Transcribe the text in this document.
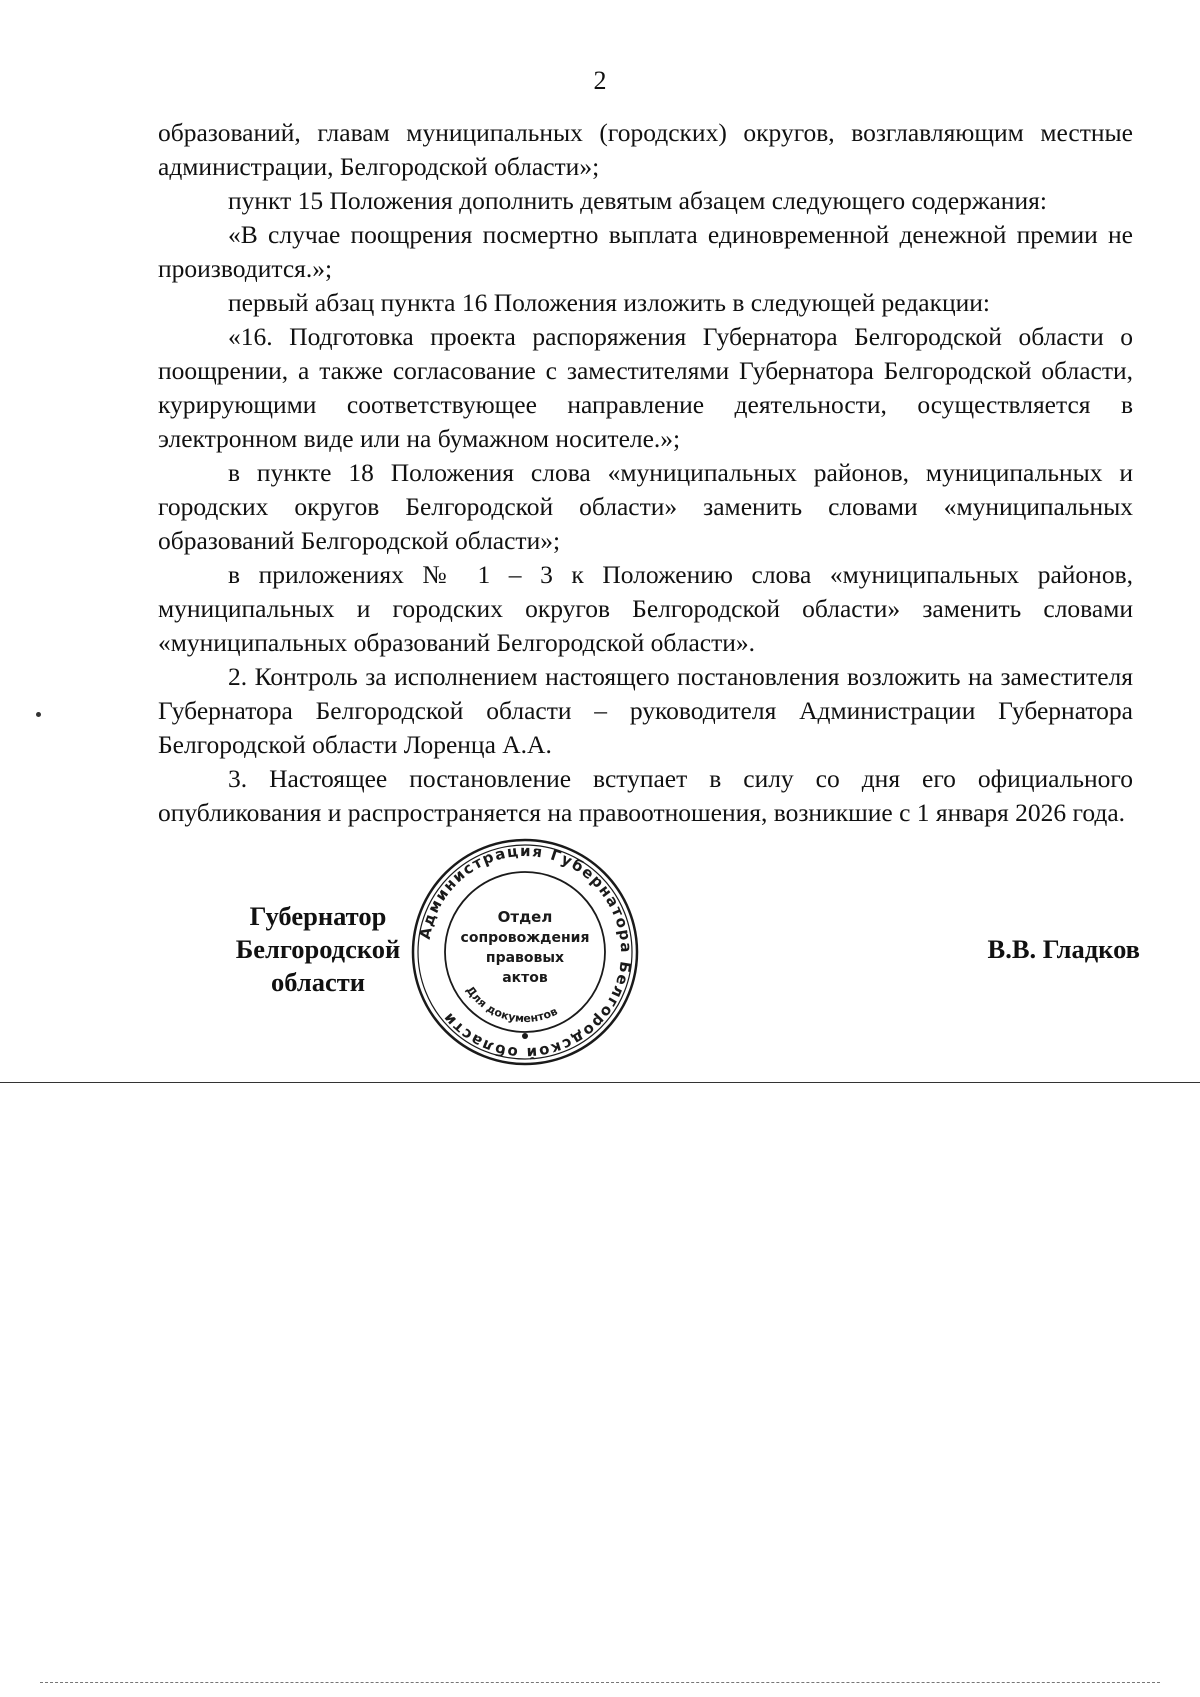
2

образований, главам муниципальных (городских) округов, возглавляющим местные администрации, Белгородской области»;

пункт 15 Положения дополнить девятым абзацем следующего содержания:

«В случае поощрения посмертно выплата единовременной денежной премии не производится.»;

первый абзац пункта 16 Положения изложить в следующей редакции:

«16. Подготовка проекта распоряжения Губернатора Белгородской области о поощрении, а также согласование с заместителями Губернатора Белгородской области, курирующими соответствующее направление деятельности, осуществляется в электронном виде или на бумажном носителе.»;

в пункте 18 Положения слова «муниципальных районов, муниципальных и городских округов Белгородской области» заменить словами «муниципальных образований Белгородской области»;

в приложениях № 1 – 3 к Положению слова «муниципальных районов, муниципальных и городских округов Белгородской области» заменить словами «муниципальных образований Белгородской области».

2. Контроль за исполнением настоящего постановления возложить на заместителя Губернатора Белгородской области – руководителя Администрации Губернатора Белгородской области Лоренца А.А.

3. Настоящее постановление вступает в силу со дня его официального опубликования и распространяется на правоотношения, возникшие с 1 января 2026 года.

Губернатор
Белгородской области
В.В. Гладков
Администрация Губернатора Белгородской области
Для документов
Отдел
сопровождения
правовых
актов
